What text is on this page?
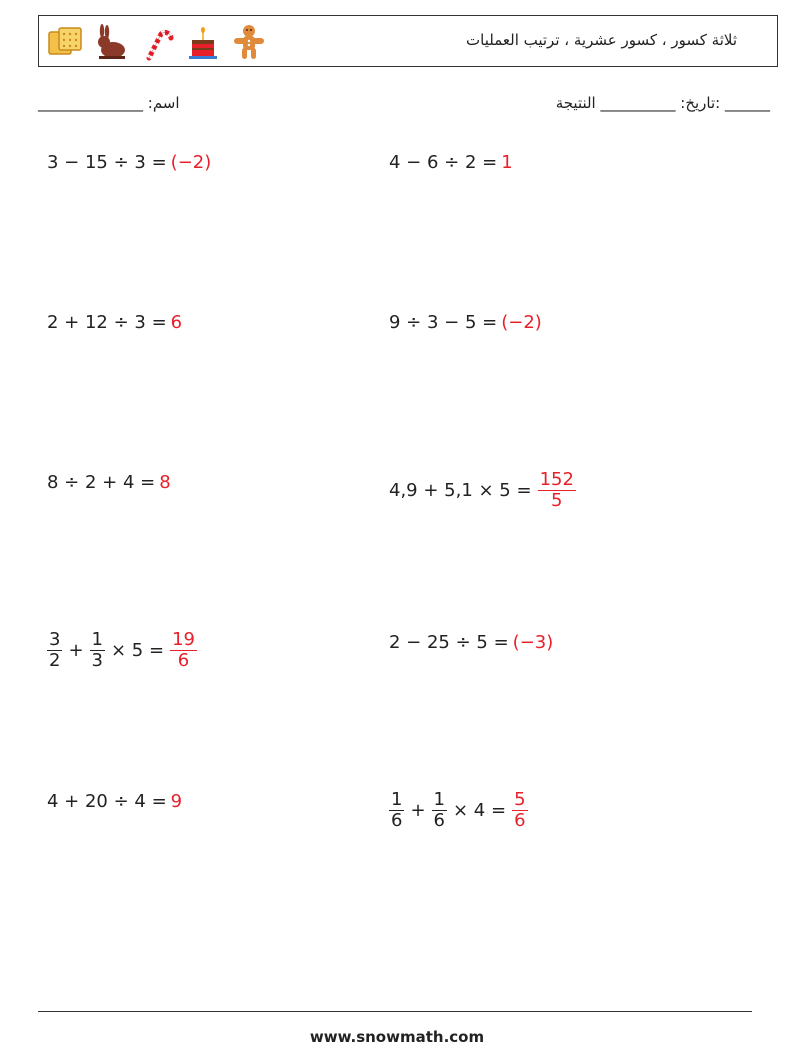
ثلاثة كسور ، كسور عشرية ، ترتيب العمليات
اسم: ______________	______ :تاريخ: __________ النتيجة
3 − 15 ÷ 3 = (−2)	4 − 6 ÷ 2 = 1
2 + 12 ÷ 3 = 6	9 ÷ 3 − 5 = (−2)
8 ÷ 2 + 4 = 8	$4,9 + 5,1 \times 5 = \frac{152}{5}$
$\frac{3}{2} + \frac{1}{3} \times 5 = \frac{19}{6}$	2 − 25 ÷ 5 = (−3)
4 + 20 ÷ 4 = 9	$\frac{1}{6} + \frac{1}{6} \times 4 = \frac{5}{6}$
www.snowmath.com
